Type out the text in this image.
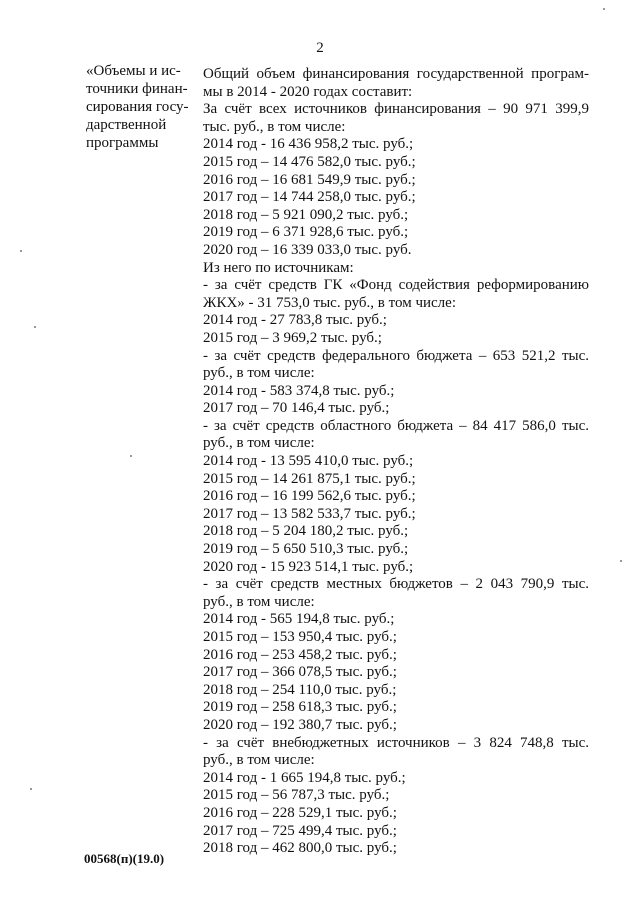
2
«Объемы и ис-
точники финан-
сирования госу-
дарственной
программы
Общий объем финансирования государственной програм-
мы в 2014 - 2020 годах составит:
За счёт всех источников финансирования – 90 971 399,9
тыс. руб., в том числе:
2014 год - 16 436 958,2 тыс. руб.;
2015 год – 14 476 582,0 тыс. руб.;
2016 год – 16 681 549,9 тыс. руб.;
2017 год – 14 744 258,0 тыс. руб.;
2018 год – 5 921 090,2 тыс. руб.;
2019 год – 6 371 928,6 тыс. руб.;
2020 год – 16 339 033,0 тыс. руб.
Из него по источникам:
- за счёт средств ГК «Фонд содействия реформированию
ЖКХ» - 31 753,0 тыс. руб., в том числе:
2014 год - 27 783,8 тыс. руб.;
2015 год – 3 969,2 тыс. руб.;
- за счёт средств федерального бюджета – 653 521,2 тыс.
руб., в том числе:
2014 год - 583 374,8 тыс. руб.;
2017 год – 70 146,4 тыс. руб.;
- за счёт средств областного бюджета – 84 417 586,0 тыс.
руб., в том числе:
2014 год - 13 595 410,0 тыс. руб.;
2015 год – 14 261 875,1 тыс. руб.;
2016 год – 16 199 562,6 тыс. руб.;
2017 год – 13 582 533,7 тыс. руб.;
2018 год – 5 204 180,2 тыс. руб.;
2019 год – 5 650 510,3 тыс. руб.;
2020 год - 15 923 514,1 тыс. руб.;
- за счёт средств местных бюджетов – 2 043 790,9 тыс.
руб., в том числе:
2014 год - 565 194,8 тыс. руб.;
2015 год – 153 950,4 тыс. руб.;
2016 год – 253 458,2 тыс. руб.;
2017 год – 366 078,5 тыс. руб.;
2018 год – 254 110,0 тыс. руб.;
2019 год – 258 618,3 тыс. руб.;
2020 год – 192 380,7 тыс. руб.;
- за счёт внебюджетных источников – 3 824 748,8 тыс.
руб., в том числе:
2014 год - 1 665 194,8 тыс. руб.;
2015 год – 56 787,3 тыс. руб.;
2016 год – 228 529,1 тыс. руб.;
2017 год – 725 499,4 тыс. руб.;
2018 год – 462 800,0 тыс. руб.;
00568(п)(19.0)
